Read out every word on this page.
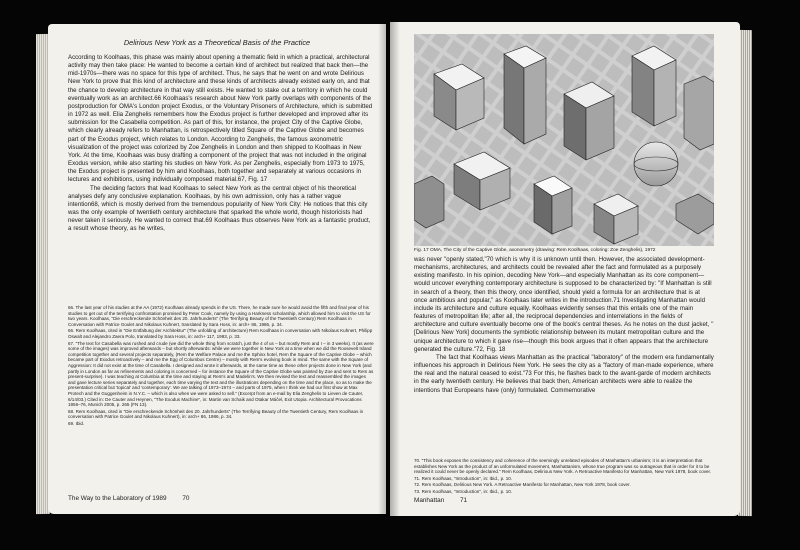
Delirious New York as a Theoretical Basis of the Practice

According to Koolhaas, this phase was mainly about opening a thematic field in which a practical, architectural activity may then take place: He wanted to become a certain kind of architect but realized that back then—the mid-1970s—there was no space for this type of architect. Thus, he says that he went on and wrote Delirious New York to prove that this kind of architecture and these kinds of architects already existed early on, and that the chance to develop architecture in that way still exists. He wanted to stake out a territory in which he could eventually work as an architect.66 Koolhaas's research about New York partly overlaps with components of the postproduction for OMA's London project Exodus, or the Voluntary Prisoners of Architecture, which is submitted in 1972 as well. Elia Zenghelis remembers how the Exodus project is further developed and improved after its submission for the Casabella competition. As part of this, for instance, the project City of the Captive Globe, which clearly already refers to Manhattan, is retrospectively titled Square of the Captive Globe and becomes part of the Exodus project, which relates to London. According to Zenghelis, the famous axonometric visualization of the project was colorized by Zoe Zenghelis in London and then shipped to Koolhaas in New York. At the time, Koolhaas was busy drafting a component of the project that was not included in the original Exodus version, while also starting his studies on New York. As per Zenghelis, especially from 1973 to 1975, the Exodus project is presented by him and Koolhaas, both together and separately at various occasions in lectures and exhibitions, using individually composed material.67, Fig. 17

The deciding factors that lead Koolhaas to select New York as the central object of his theoretical analyses defy any conclusive explanation. Koolhaas, by his own admission, only has a rather vague intention68, which is mostly derived from the tremendous popularity of New York City: He notices that this city was the only example of twentieth century architecture that sparked the whole world, though historicists had never taken it seriously. He wanted to correct that.69 Koolhaas thus observes New York as a fantastic product, a result whose theory, as he writes,

66. The last year of his studies at the AA (1972) Koolhaas already spends in the US. There, he made sure he would avoid the fifth and final year of his studies to get out of the terrifying confrontation promised by Peter Cook, namely by using a Harkness scholarship, which allowed him to visit the US for two years. Koolhaas, "Die erschreckende Schönheit des 20. Jahrhunderts" (The Terrifying Beauty of the Twentieth Century) Rem Koolhaas in Conversation with Patrice Goulet and Nikolaus Kuhnert, translated by Sara Hoss, in: arch+ 86, 1986, p. 34.

66. Rem Koolhaas, cited in "Die Entfaltung der Architektur" (The unfolding of architecture) Rem Koolhaas in conversation with Nikolaus Kuhnert, Philipp Oswalt and Alejandro Zaera Polo, translated by Sara Hoss, in: arch+ 117, 1993, p. 33.

67. "The text for Casabella was rushed and crude (we did the whole thing from scratch, just the 4 of us – but mostly Rem and I – in 3 weeks). It (as were some of the images) was improved afterwards – but shortly afterwards: while we were together in New York at a time when we did the Roosevelt Island competition together and several projects separately, (Rem the Welfare Palace and me the Sphinx hotel, Rem the Square of the Captive Globe – which became part of Exodus retroactively – and me the Egg of Columbus Centre) – mostly with Rem's evolving book in mind. The same with the Square of Aggression: It did not exist at the time of Casabella. I designed and wrote it afterwards, at the same time as these other projects done in New York (and partly in London as far as refinements and coloring is concerned – for instance the Square of the Captive Globe was painted by Zoe and sent to Rem as present-surprise). I was teaching at Columbia at the time and staying at Rem's and Madelin's. We then revised the text and reassembled the images and gave lecture series separately and together, each time varying the text and the illustrations depending on the time and the place, so as to make the presentation critical but 'topical' and 'contemporary'. We are talking of 1973–1974 – and parts of 1975, when I think we had our first show at Max Protech and the Guggenheim in N.Y.C. – which is also when we were asked to sell." (Excerpt from an e-mail by Elia Zenghelis to Lieven de Cauter, 6/14/03.) Cited in: De Cauter and Heynen, "The Exodus Machine", in: Martin van Schaik and Otakar Máčel, Exit Utopia. Architectural Provocations 1956–76, Munich 2005, p. 265 (FN 13).

68. Rem Koolhaas, cited in "Die erschreckende Schönheit des 20. Jahrhunderts" (The Terrifying Beauty of the Twentieth Century, Rem Koolhaas in conversation with Patrice Goulet and Nikolaus Kuhnert), in: arch+ 86, 1986, p. 34.

69. Ibid.

The Way to the Laboratory of 1989 70
Fig. 17 OMA, The City of the Captive Globe, axonometry (drawing: Rem Koolhaas, coloring: Zoe Zenghelis), 1972

was never "openly stated,"70 which is why it is unknown until then. However, the associated development-mechanisms, architectures, and architects could be revealed after the fact and formulated as a purposely existing manifesto. In his opinion, decoding New York—and especially Manhattan as its core component—would uncover everything contemporary architecture is supposed to be characterized by: "If Manhattan is still in search of a theory, then this theory, once identified, should yield a formula for an architecture that is at once ambitious and popular," as Koolhaas later writes in the introduction.71 Investigating Manhattan would include its architecture and culture equally. Koolhaas evidently senses that this entails one of the main features of metropolitan life; after all, the reciprocal dependencies and interrelations in the fields of architecture and culture eventually become one of the book's central theses. As he notes on the dust jacket, "[Delirious New York] documents the symbiotic relationship between its mutant metropolitan culture and the unique architecture to which it gave rise—though this book argues that it often appears that the architecture generated the culture."72, Fig. 18

The fact that Koolhaas views Manhattan as the practical "laboratory" of the modern era fundamentally influences his approach in Delirious New York. He sees the city as a "factory of man-made experience, where the real and the natural ceased to exist."73 For this, he flashes back to the avant-garde of modern architects in the early twentieth century. He believes that back then, American architects were able to realize the intentions that Europeans have (only) formulated. Commemorative

70. "This book exposes the consistency and coherence of the seemingly unrelated episodes of Manhattan's urbanism; it is an interpretation that establishes New York as the product of an unformulated movement, Manhattanism, whose true program was so outrageous that in order for it to be realized it could never be openly declared." Rem Koolhaas, Delirious New York. A Retroactive Manifesto for Manhattan, New York 1978, book cover.

71. Rem Koolhaas, "Introduction", in: Ibid., p. 10.

72. Rem Koolhaas, Delirious New York. A Retroactive Manifesto for Manhattan, New York 1978, book cover.

73. Rem Koolhaas, "Introduction", in: Ibid., p. 10.

Manhattan 71
